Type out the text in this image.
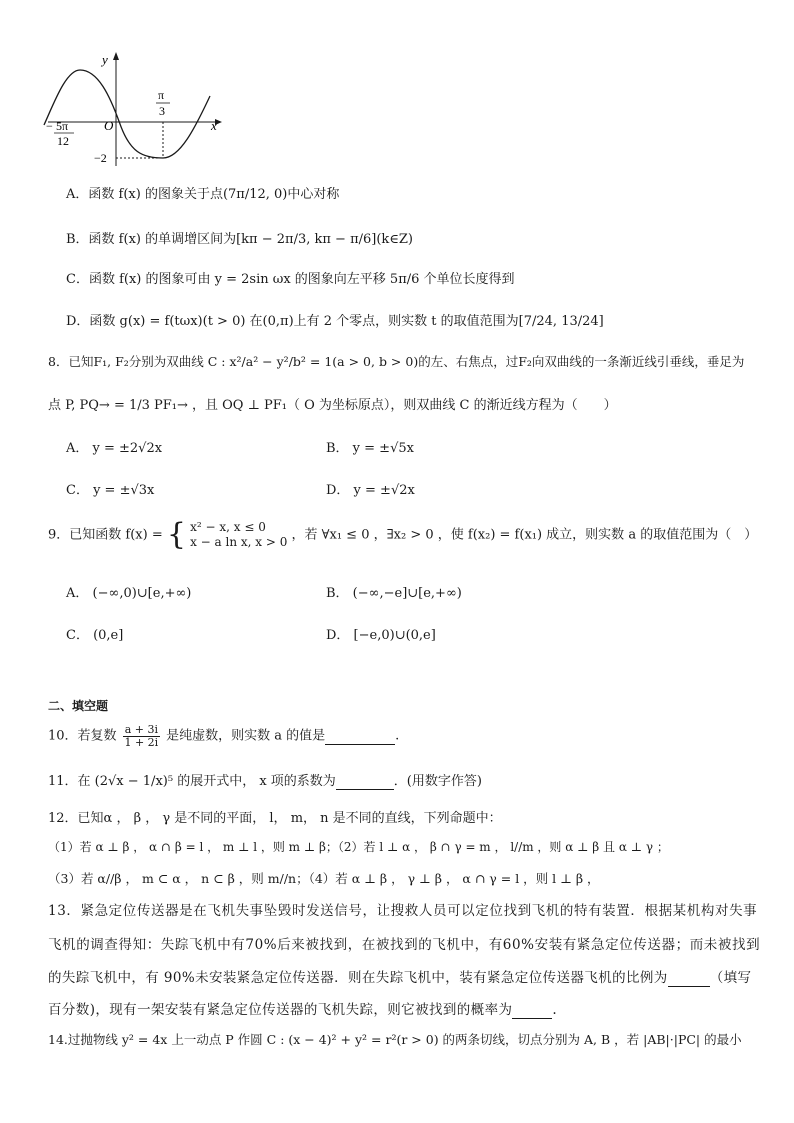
y
x
O
− 5π
12
π
3
−2
A．函数 f(x) 的图象关于点(7π/12, 0)中心对称
B．函数 f(x) 的单调增区间为[kπ − 2π/3, kπ − π/6](k∈Z)
C．函数 f(x) 的图象可由 y = 2sin ωx 的图象向左平移 5π/6 个单位长度得到
D．函数 g(x) = f(tωx)(t > 0) 在(0,π)上有 2 个零点，则实数 t 的取值范围为[7/24, 13/24]
8．已知F₁, F₂分别为双曲线 C : x²/a² − y²/b² = 1(a > 0, b > 0)的左、右焦点，过F₂向双曲线的一条渐近线引垂线，垂足为
点 P, PQ→ = 1/3 PF₁→ ，且 OQ ⊥ PF₁（ O 为坐标原点），则双曲线 C 的渐近线方程为（　　）
A． y = ±2√2x	B． y = ±√5x
C． y = ±√3x	D． y = ±√2x
9．已知函数 f(x) = { x² − x, x ≤ 0
x − a ln x, x > 0 ，若 ∀x₁ ≤ 0 ，∃x₂ > 0 ，使 f(x₂) = f(x₁) 成立，则实数 a 的取值范围为（　）
A． (−∞,0)∪[e,+∞)	B． (−∞,−e]∪[e,+∞)
C． (0,e]	D． [−e,0)∪(0,e]
二、填空题
10．若复数 $\frac{a + 3i}{1 + 2i}$ 是纯虚数，则实数 a 的值是	.
11．在 (2√x − 1/x)⁵ 的展开式中， x 项的系数为	．(用数字作答)
12．已知α ， β ， γ 是不同的平面， l， m， n 是不同的直线，下列命题中：
（1）若 α ⊥ β ， α ∩ β = l ， m ⊥ l ，则 m ⊥ β；（2）若 l ⊥ α ， β ∩ γ = m ， l//m ，则 α ⊥ β 且 α ⊥ γ ；
（3）若 α//β ， m ⊂ α ， n ⊂ β ，则 m//n；（4）若 α ⊥ β ， γ ⊥ β ， α ∩ γ = l ，则 l ⊥ β ，
13．紧急定位传送器是在飞机失事坠毁时发送信号，让搜救人员可以定位找到飞机的特有装置．根据某机构对失事
飞机的调查得知：失踪飞机中有70%后来被找到，在被找到的飞机中，有60%安装有紧急定位传送器；而未被找到
的失踪飞机中，有 90%未安装紧急定位传送器．则在失踪飞机中，装有紧急定位传送器飞机的比例为	（填写
百分数)，现有一架安装有紧急定位传送器的飞机失踪，则它被找到的概率为	.
14.过抛物线 y² = 4x 上一动点 P 作圆 C : (x − 4)² + y² = r²(r > 0) 的两条切线，切点分别为 A, B ，若 |AB|·|PC| 的最小
